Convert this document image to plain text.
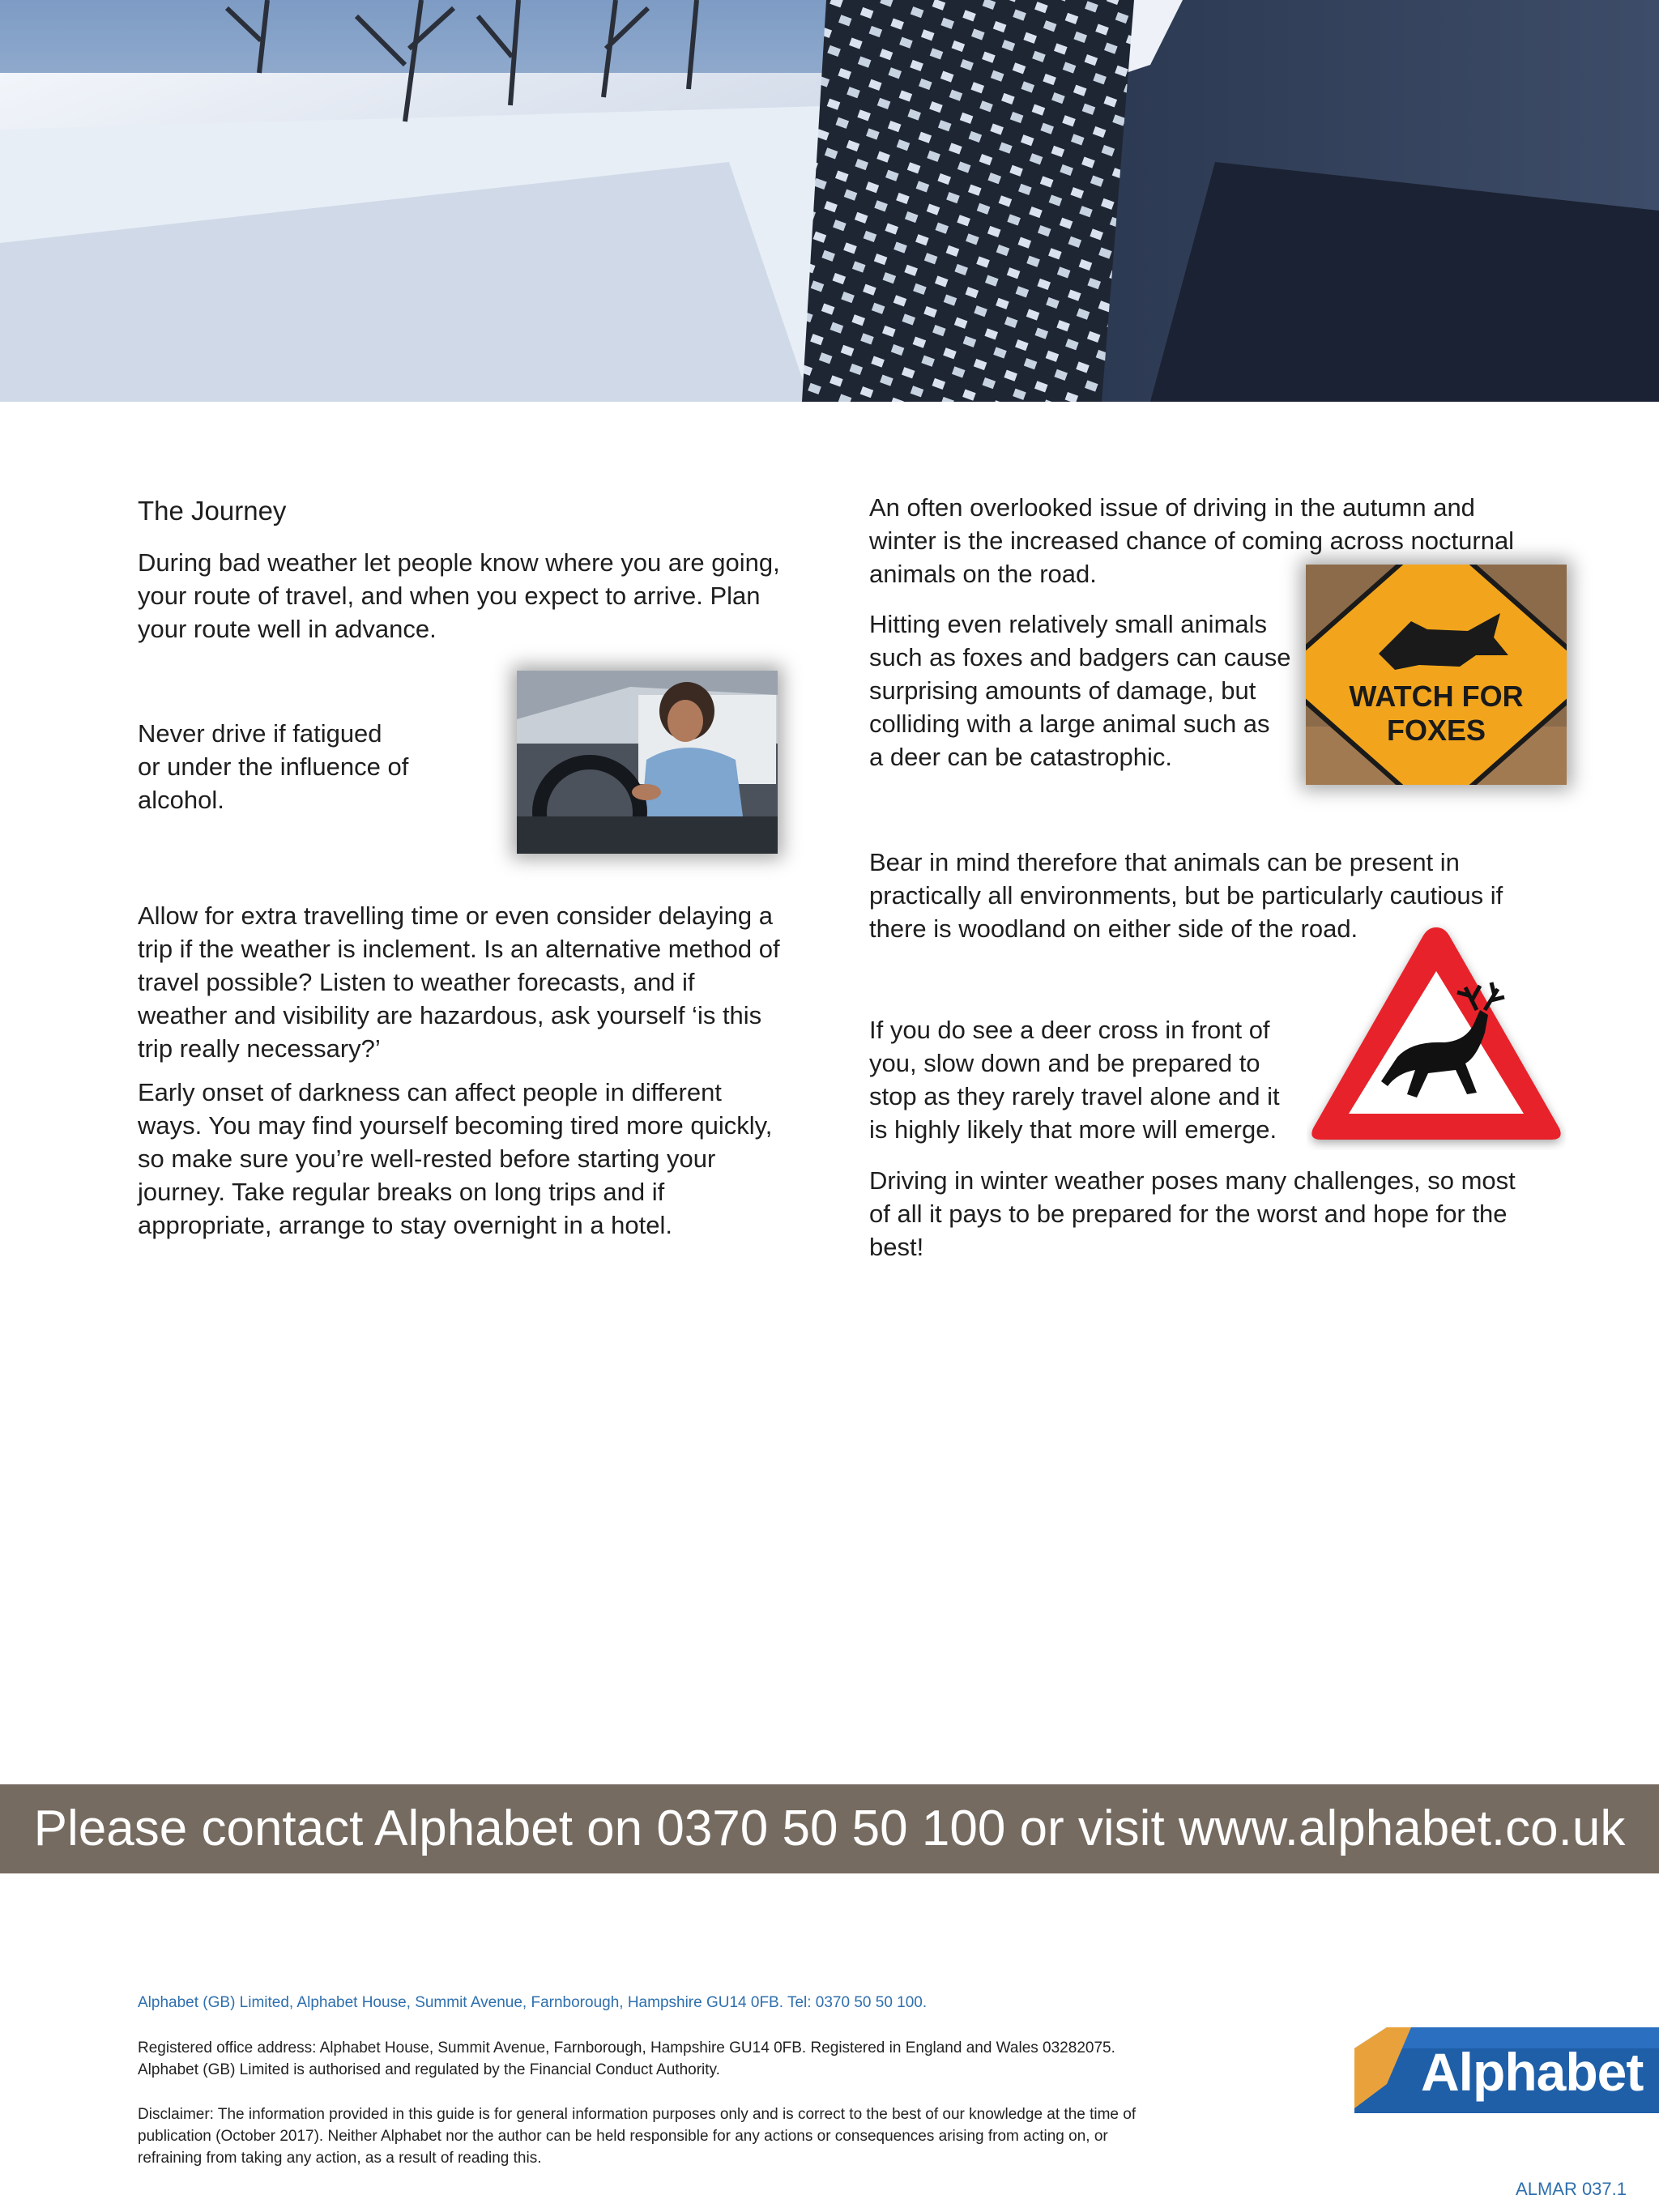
The Journey

During bad weather let people know where you are going, your route of travel, and when you expect to arrive. Plan your route well in advance.

Never drive if fatigued
or under the influence of
alcohol.

Allow for extra travelling time or even consider delaying a trip if the weather is inclement. Is an alternative method of travel possible? Listen to weather forecasts, and if weather and visibility are hazardous, ask yourself ‘is this trip really necessary?’

Early onset of darkness can affect people in different ways. You may find yourself becoming tired more quickly, so make sure you’re well-rested before starting your journey. Take regular breaks on long trips and if appropriate, arrange to stay overnight in a hotel.

An often overlooked issue of driving in the autumn and winter is the increased chance of coming across nocturnal animals on the road.

Hitting even relatively small animals
such as foxes and badgers can cause
surprising amounts of damage, but
colliding with a large animal such as
a deer can be catastrophic.
WATCH FOR
FOXES

Bear in mind therefore that animals can be present in practically all environments, but be particularly cautious if there is woodland on either side of the road.

If you do see a deer cross in front of
you, slow down and be prepared to
stop as they rarely travel alone and it
is highly likely that more will emerge.

Driving in winter weather poses many challenges, so most of all it pays to be prepared for the worst and hope for the best!

Please contact Alphabet on 0370 50 50 100 or visit www.alphabet.co.uk
Alphabet (GB) Limited, Alphabet House, Summit Avenue, Farnborough, Hampshire GU14 0FB. Tel: 0370 50 50 100.
Registered office address: Alphabet House, Summit Avenue, Farnborough, Hampshire GU14 0FB. Registered in England and Wales 03282075.
Alphabet (GB) Limited is authorised and regulated by the Financial Conduct Authority.
Disclaimer: The information provided in this guide is for general information purposes only and is correct to the best of our knowledge at the time of
publication (October 2017). Neither Alphabet nor the author can be held responsible for any actions or consequences arising from acting on, or
refraining from taking any action, as a result of reading this.
Alphabet
ALMAR 037.1
